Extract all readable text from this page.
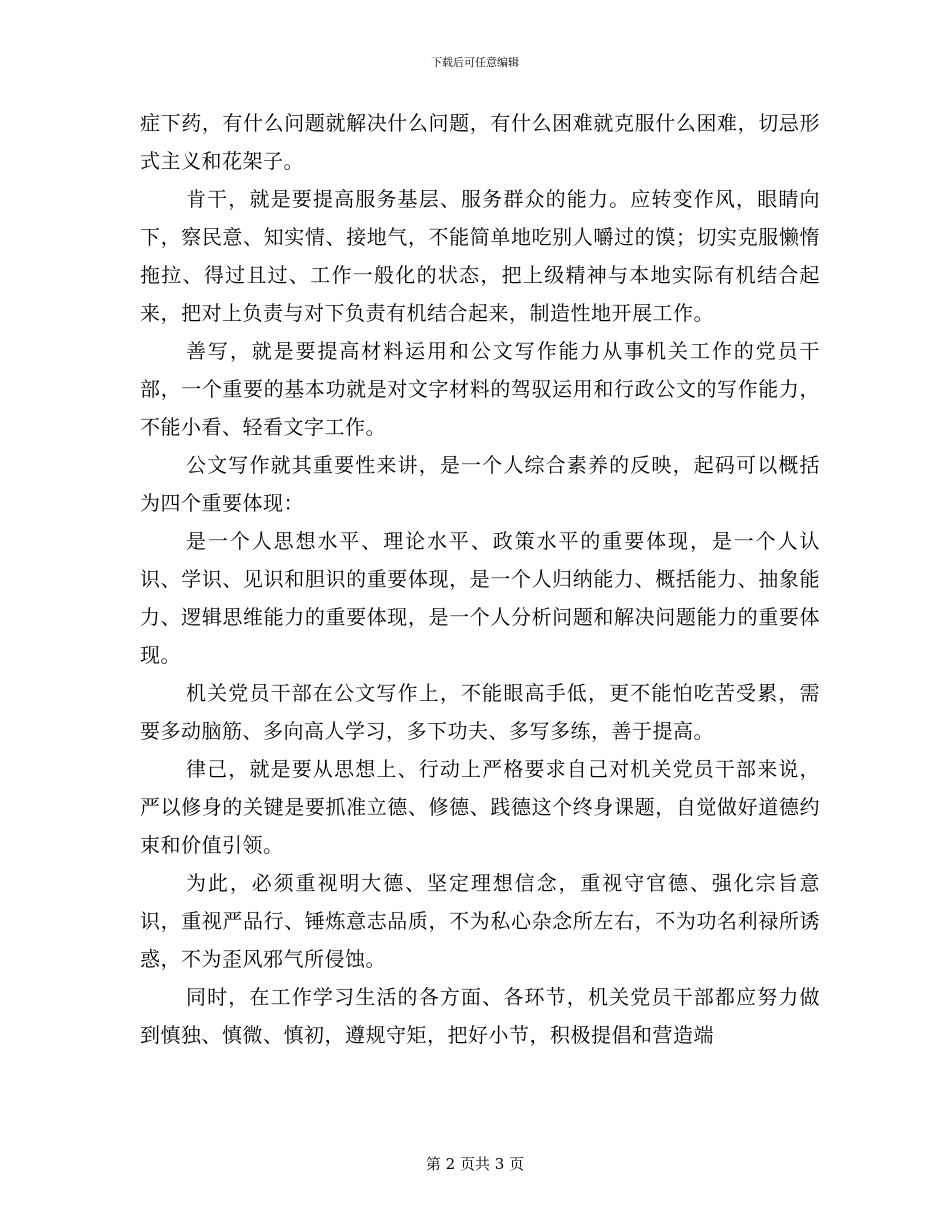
下载后可任意编辑

症下药，有什么问题就解决什么问题，有什么困难就克服什么困难，切忌形式主义和花架子。

肯干，就是要提高服务基层、服务群众的能力。应转变作风，眼睛向下，察民意、知实情、接地气，不能简单地吃别人嚼过的馍；切实克服懒惰拖拉、得过且过、工作一般化的状态，把上级精神与本地实际有机结合起来，把对上负责与对下负责有机结合起来，制造性地开展工作。

善写，就是要提高材料运用和公文写作能力从事机关工作的党员干部，一个重要的基本功就是对文字材料的驾驭运用和行政公文的写作能力，不能小看、轻看文字工作。

公文写作就其重要性来讲，是一个人综合素养的反映，起码可以概括为四个重要体现：

是一个人思想水平、理论水平、政策水平的重要体现，是一个人认识、学识、见识和胆识的重要体现，是一个人归纳能力、概括能力、抽象能力、逻辑思维能力的重要体现，是一个人分析问题和解决问题能力的重要体现。

机关党员干部在公文写作上，不能眼高手低，更不能怕吃苦受累，需要多动脑筋、多向高人学习，多下功夫、多写多练，善于提高。

律己，就是要从思想上、行动上严格要求自己对机关党员干部来说，严以修身的关键是要抓准立德、修德、践德这个终身课题，自觉做好道德约束和价值引领。

为此，必须重视明大德、坚定理想信念，重视守官德、强化宗旨意识，重视严品行、锤炼意志品质，不为私心杂念所左右，不为功名利禄所诱惑，不为歪风邪气所侵蚀。

同时，在工作学习生活的各方面、各环节，机关党员干部都应努力做到慎独、慎微、慎初，遵规守矩，把好小节，积极提倡和营造端

第 2 页共 3 页
